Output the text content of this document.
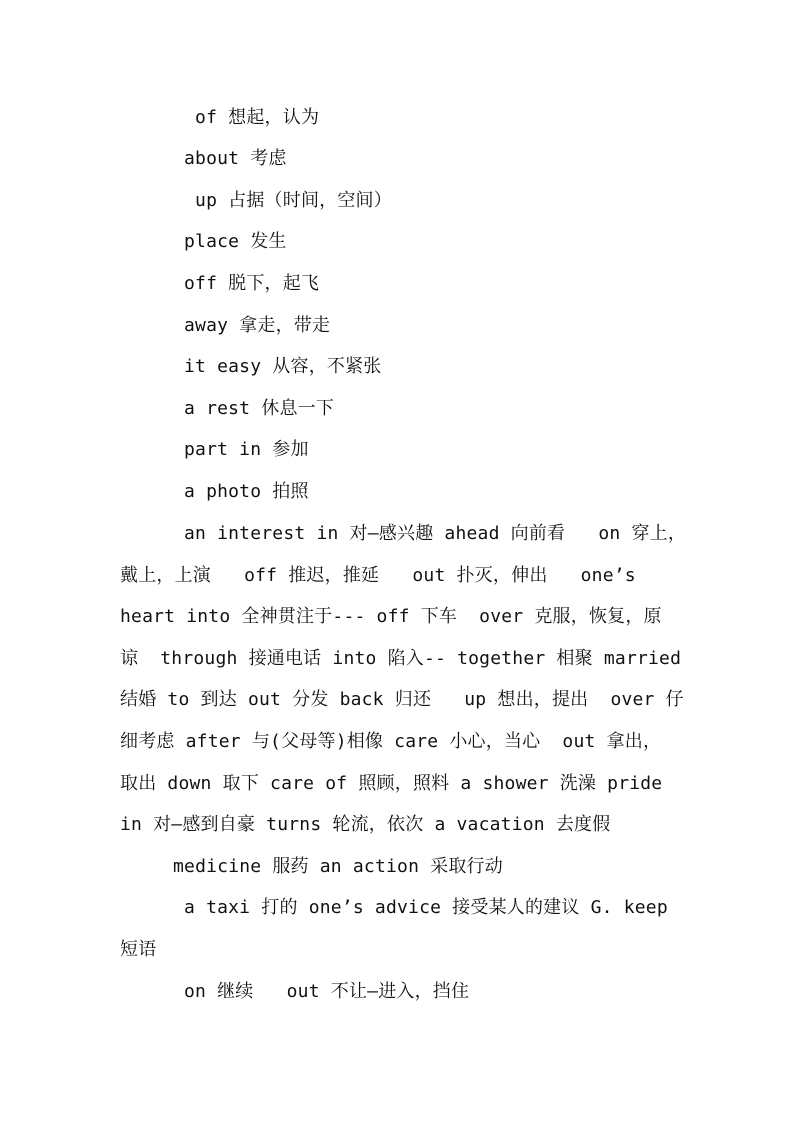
of 想起，认为
about 考虑
up 占据（时间，空间）
place 发生
off 脱下，起飞
away 拿走，带走
it easy 从容，不紧张
a rest 休息一下
part in 参加
a photo 拍照
an interest in 对—感兴趣 ahead 向前看   on 穿上，
戴上，上演   off 推迟，推延   out 扑灭，伸出   one’s
heart into 全神贯注于--- off 下车  over 克服，恢复，原
谅  through 接通电话 into 陷入-- together 相聚 married
结婚 to 到达 out 分发 back 归还   up 想出，提出  over 仔
细考虑 after 与(父母等)相像 care 小心，当心  out 拿出，
取出 down 取下 care of 照顾，照料 a shower 洗澡 pride
in 对—感到自豪 turns 轮流，依次 a vacation 去度假
medicine 服药 an action 采取行动
a taxi 打的 one’s advice 接受某人的建议 G. keep
短语
on 继续   out 不让—进入，挡住
